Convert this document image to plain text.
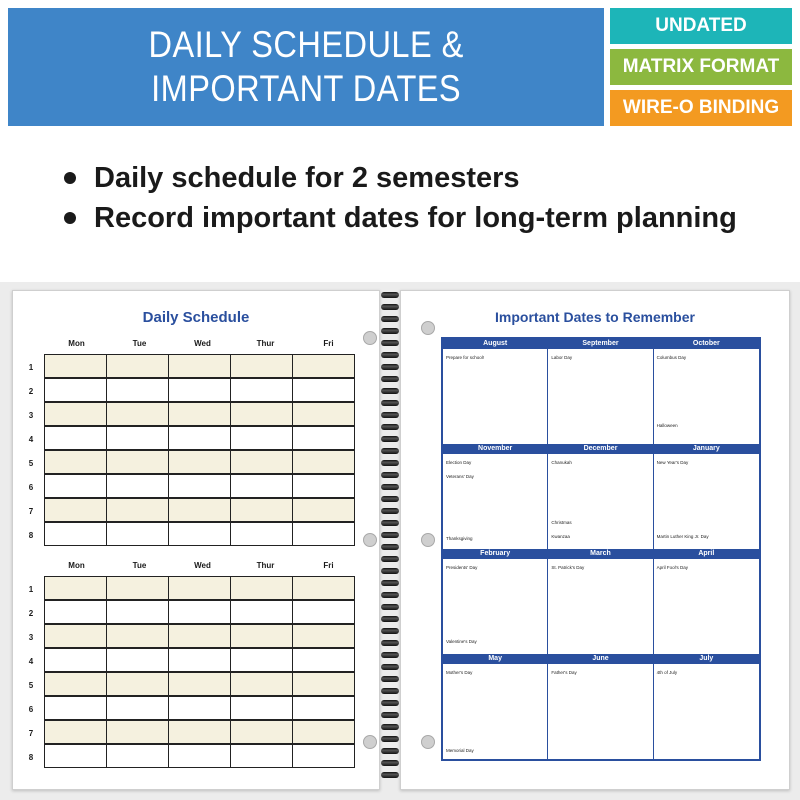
DAILY SCHEDULE &
IMPORTANT DATES
UNDATED
MATRIX FORMAT
WIRE-O BINDING
Daily schedule for 2 semesters
Record important dates for long-term planning
Daily Schedule
Mon	Tue	Wed	Thur	Fri
1
2
3
4
5
6
7
8
Mon	Tue	Wed	Thur	Fri
1
2
3
4
5
6
7
8
Important Dates to Remember
August
Prepare for school!
September
Labor Day
October
Columbus Day
Halloween
November
Election Day
Veterans' Day
Thanksgiving
December
Chanukah
Christmas
Kwanzaa
January
New Year's Day
Martin Luther King Jr. Day
February
Presidents' Day
Valentine's Day
March
St. Patrick's Day
April
April Fool's Day
May
Mother's Day
Memorial Day
June
Father's Day
July
4th of July
